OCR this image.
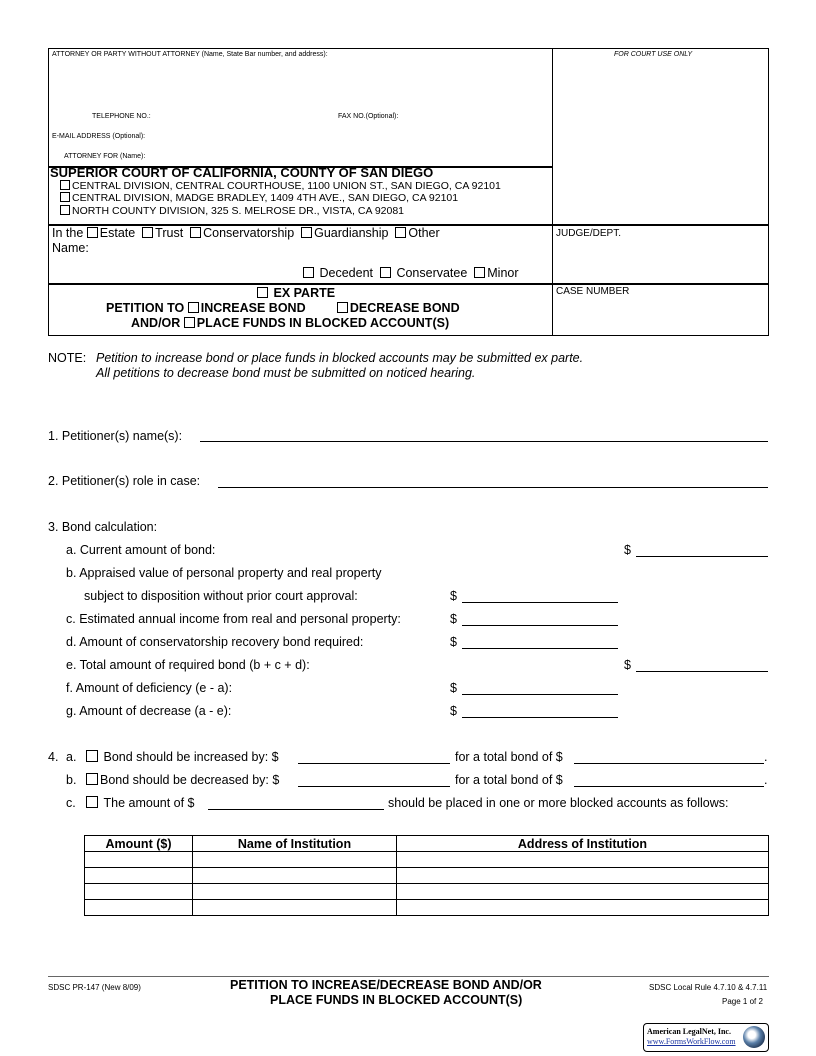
ATTORNEY OR PARTY WITHOUT ATTORNEY (Name, State Bar number, and address):	FOR COURT USE ONLY
TELEPHONE NO.:	FAX NO.(Optional):
E-MAIL ADDRESS (Optional):
ATTORNEY FOR (Name):
SUPERIOR COURT OF CALIFORNIA, COUNTY OF SAN DIEGO
CENTRAL DIVISION, CENTRAL COURTHOUSE, 1100 UNION ST., SAN DIEGO, CA 92101
CENTRAL DIVISION, MADGE BRADLEY, 1409 4TH AVE., SAN DIEGO, CA 92101
NORTH COUNTY DIVISION, 325 S. MELROSE DR., VISTA, CA 92081
In the Estate Trust Conservatorship Guardianship Other
Name:
Decedent Conservatee Minor
JUDGE/DEPT.
CASE NUMBER
EX PARTE
PETITION TO INCREASE BOND	DECREASE BOND
AND/OR PLACE FUNDS IN BLOCKED ACCOUNT(S)
NOTE: Petition to increase bond or place funds in blocked accounts may be submitted ex parte.
All petitions to decrease bond must be submitted on noticed hearing.
1. Petitioner(s) name(s):
2. Petitioner(s) role in case:
3. Bond calculation:
a. Current amount of bond:	$
b. Appraised value of personal property and real property
subject to disposition without prior court approval:	$
c. Estimated annual income from real and personal property:	$
d. Amount of conservatorship recovery bond required:	$
e. Total amount of required bond (b + c + d):	$
f. Amount of deficiency (e - a):	$
g. Amount of decrease (a - e):	$
4. a.	Bond should be increased by: $	for a total bond of $	.
b.	Bond should be decreased by: $	for a total bond of $	.
c.	The amount of $	should be placed in one or more blocked accounts as follows:
Amount ($)	Name of Institution	Address of Institution

SDSC PR-147 (New 8/09)	PETITION TO INCREASE/DECREASE BOND AND/OR
PLACE FUNDS IN BLOCKED ACCOUNT(S)
SDSC Local Rule 4.7.10 & 4.7.11
Page 1 of 2
American LegalNet, Inc.
www.FormsWorkFlow.com
